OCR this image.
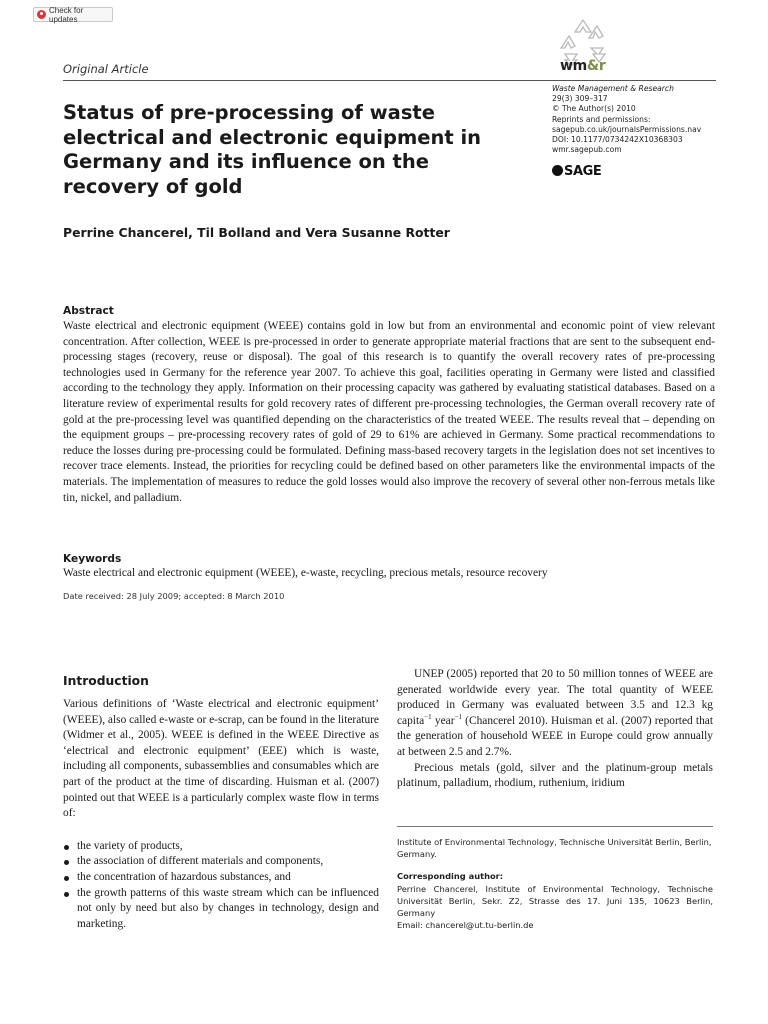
Check for updates
Original Article	wm&r
Waste Management & Research
29(3) 309–317
© The Author(s) 2010
Reprints and permissions:
sagepub.co.uk/journalsPermissions.nav
DOI: 10.1177/0734242X10368303
wmr.sagepub.com
SAGE
Status of pre-processing of waste electrical and electronic equipment in Germany and its influence on the recovery of gold
Perrine Chancerel, Til Bolland and Vera Susanne Rotter
Abstract

Waste electrical and electronic equipment (WEEE) contains gold in low but from an environmental and economic point of view relevant concentration. After collection, WEEE is pre-processed in order to generate appropriate material fractions that are sent to the subsequent end-processing stages (recovery, reuse or disposal). The goal of this research is to quantify the overall recovery rates of pre-processing technologies used in Germany for the reference year 2007. To achieve this goal, facilities operating in Germany were listed and classified according to the technology they apply. Information on their processing capacity was gathered by evaluating statistical databases. Based on a literature review of experimental results for gold recovery rates of different pre-processing technologies, the German overall recovery rate of gold at the pre-processing level was quantified depending on the characteristics of the treated WEEE. The results reveal that – depending on the equipment groups – pre-processing recovery rates of gold of 29 to 61% are achieved in Germany. Some practical recommendations to reduce the losses during pre-processing could be formulated. Defining mass-based recovery targets in the legislation does not set incentives to recover trace elements. Instead, the priorities for recycling could be defined based on other parameters like the environmental impacts of the materials. The implementation of measures to reduce the gold losses would also improve the recovery of several other non-ferrous metals like tin, nickel, and palladium.

Keywords
Waste electrical and electronic equipment (WEEE), e-waste, recycling, precious metals, resource recovery
Date received: 28 July 2009; accepted: 8 March 2010
Introduction

Various definitions of ‘Waste electrical and electronic equipment’ (WEEE), also called e-waste or e-scrap, can be found in the literature (Widmer et al., 2005). WEEE is defined in the WEEE Directive as ‘electrical and electronic equipment’ (EEE) which is waste, including all components, subassemblies and consumables which are part of the product at the time of discarding. Huisman et al. (2007) pointed out that WEEE is a particularly complex waste flow in terms of:

the variety of products,
the association of different materials and components,
the concentration of hazardous substances, and
the growth patterns of this waste stream which can be influenced not only by need but also by changes in technology, design and marketing.

UNEP (2005) reported that 20 to 50 million tonnes of WEEE are generated worldwide every year. The total quantity of WEEE produced in Germany was evaluated between 3.5 and 12.3 kg capita$^{-1}$ year$^{-1}$ (Chancerel 2010). Huisman et al. (2007) reported that the generation of household WEEE in Europe could grow annually at between 2.5 and 2.7%.

Precious metals (gold, silver and the platinum-group metals platinum, palladium, rhodium, ruthenium, iridium

Institute of Environmental Technology, Technische Universität Berlin, Berlin, Germany.

Corresponding author:

Perrine Chancerel, Institute of Environmental Technology, Technische Universität Berlin, Sekr. Z2, Strasse des 17. Juni 135, 10623 Berlin, Germany
Email: chancerel@ut.tu-berlin.de
